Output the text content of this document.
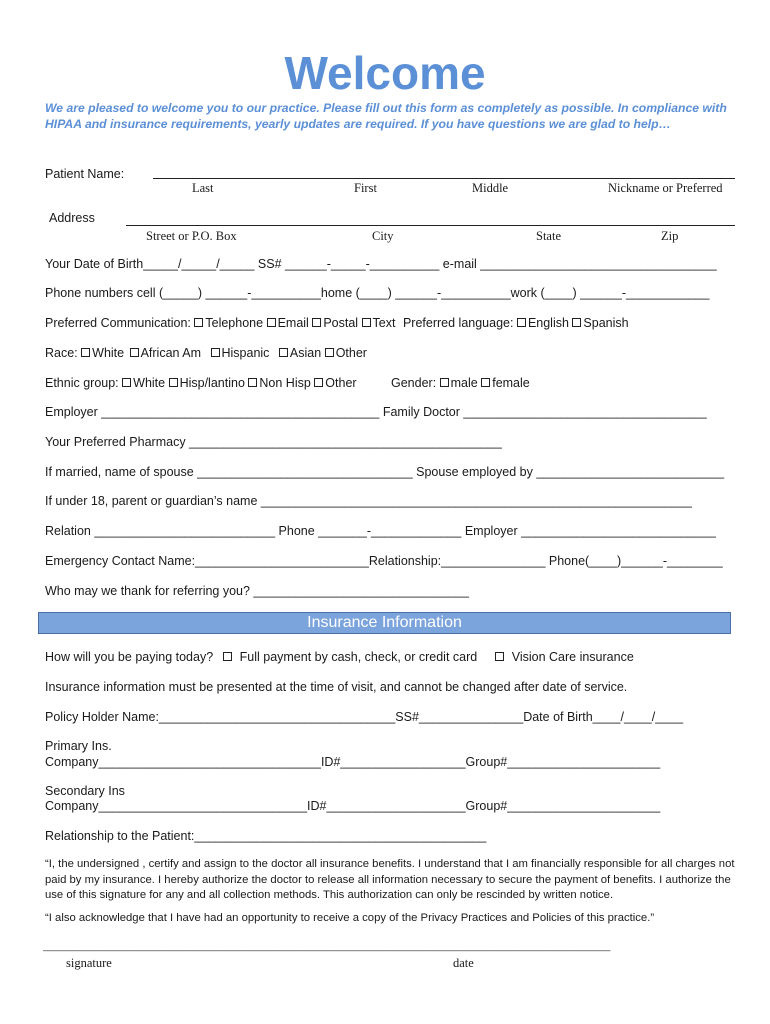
Welcome
We are pleased to welcome you to our practice. Please fill out this form as completely as possible. In compliance with HIPAA and insurance requirements, yearly updates are required. If you have questions we are glad to help…
Patient Name:
Last	First	Middle	Nickname or Preferred
Address
Street or P.O. Box	City	State	Zip
Your Date of Birth_____/_____/_____ SS# ______-_____-__________ e-mail __________________________________
Phone numbers cell (_____) ______-__________home (____) ______-__________work (____) ______-____________
Preferred Communication: Telephone Email Postal Text Preferred language: English Spanish
Race: White African Am Hispanic Asian Other
Ethnic group: White Hisp/lantino Non Hisp Other	Gender: male female
Employer ________________________________________ Family Doctor ___________________________________
Your Preferred Pharmacy _____________________________________________
If married, name of spouse _______________________________ Spouse employed by ___________________________
If under 18, parent or guardian’s name ______________________________________________________________
Relation __________________________ Phone _______-_____________ Employer ____________________________
Emergency Contact Name:_________________________Relationship:_______________ Phone(____)______-________
Who may we thank for referring you? _______________________________
Insurance Information
How will you be paying today? Full payment by cash, check, or credit card	Vision Care insurance
Insurance information must be presented at the time of visit, and cannot be changed after date of service.
Policy Holder Name:__________________________________SS#_______________Date of Birth____/____/____
Primary Ins.
Company________________________________ID#__________________Group#______________________
Secondary Ins
Company______________________________ID#____________________Group#______________________
Relationship to the Patient:__________________________________________
“I, the undersigned , certify and assign to the doctor all insurance benefits. I understand that I am financially responsible for all charges not paid by my insurance. I hereby authorize the doctor to release all information necessary to secure the payment of benefits. I authorize the use of this signature for any and all collection methods. This authorization can only be rescinded by written notice.
“I also acknowledge that I have had an opportunity to receive a copy of the Privacy Practices and Policies of this practice.”
______________________________________________________________________________________________________
signature	date
